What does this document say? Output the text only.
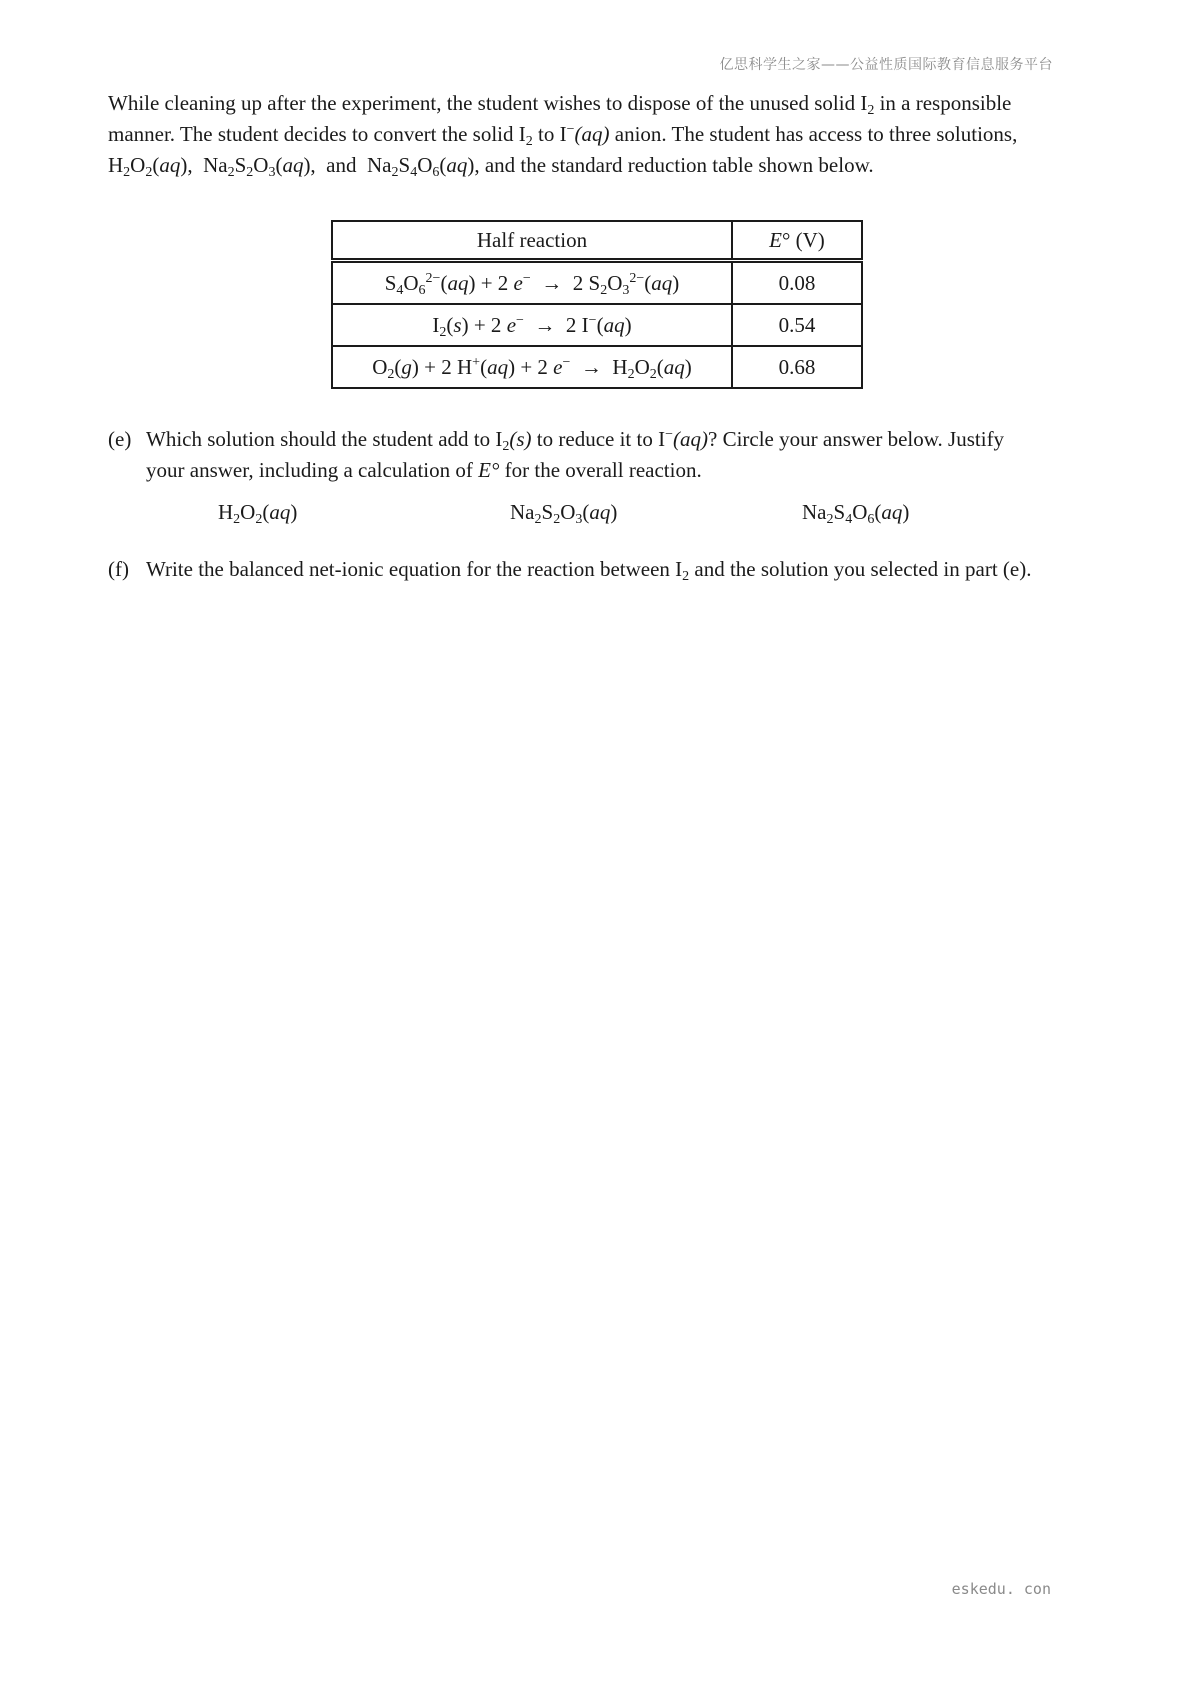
亿思科学生之家——公益性质国际教育信息服务平台

While cleaning up after the experiment, the student wishes to dispose of the unused solid $I_2$ in a responsible

manner. The student decides to convert the solid $I_2$ to I−(aq) anion. The student has access to three solutions,

$H_2O_2(aq)$,  $Na_2S_2O_3(aq)$,  and  $Na_2S_4O_6(aq)$, and the standard reduction table shown below.

Half reaction	E° (V)
$S_4O_6^{2-}(aq) + 2$ e−  →  2 $S_2O_3^{2-}(aq)$	0.08
$I_2(s) + 2$ e−  →  2 I−(aq)	0.54
$O_2(g) + 2$ H+(aq) + 2 $e^- \to H_2O_2(aq)$	0.68
(e) Which solution should the student add to $I_2(s)$ to reduce it to I−(aq)? Circle your answer below. Justify
your answer, including a calculation of E° for the overall reaction.
$H_2O_2(aq)$	$Na_2S_2O_3(aq)$	$Na_2S_4O_6(aq)$
(f) Write the balanced net-ionic equation for the reaction between $I_2$ and the solution you selected in part (e).
eskedu. con
